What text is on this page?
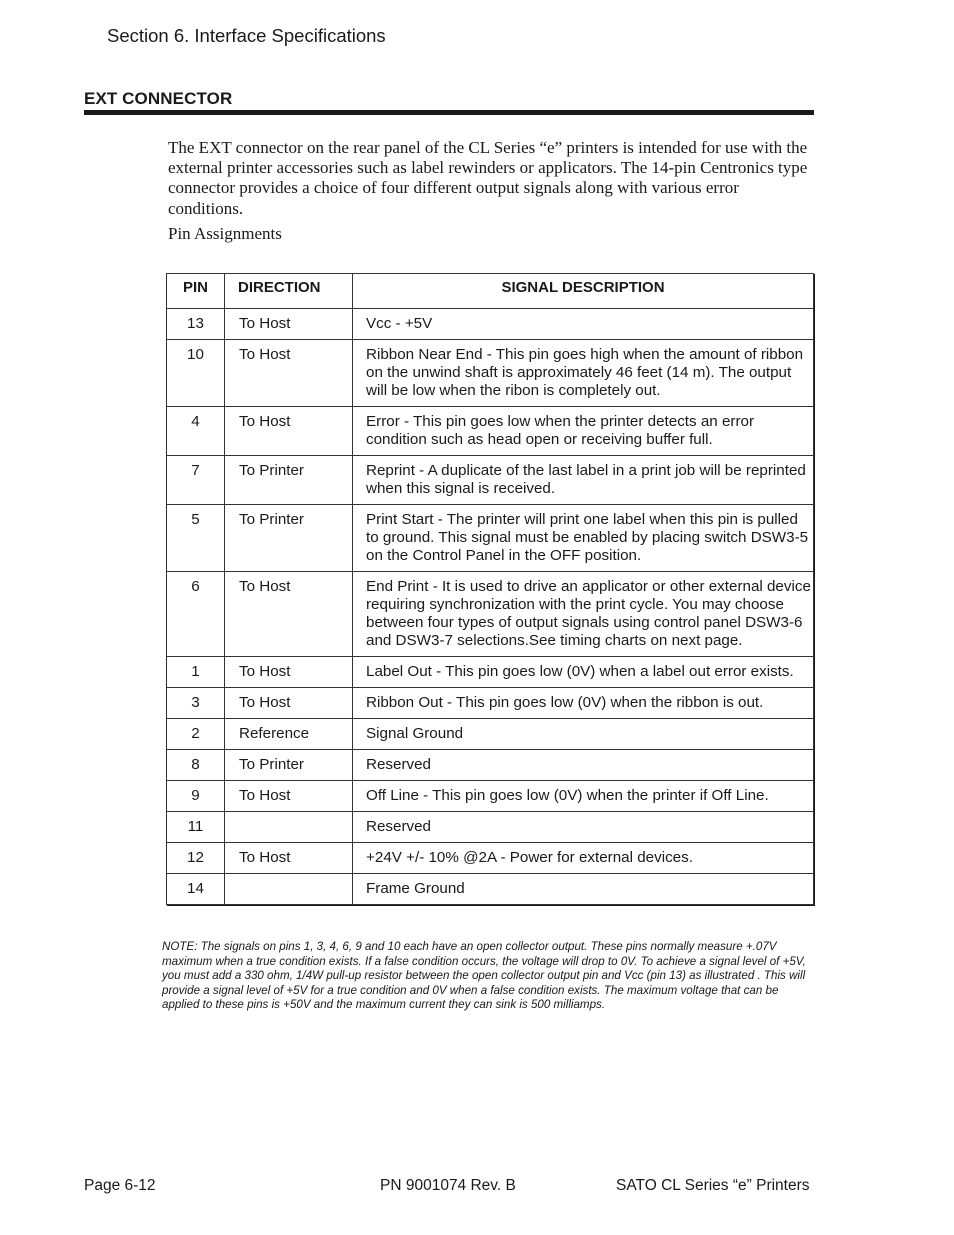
Section 6. Interface Specifications
EXT CONNECTOR

The EXT connector on the rear panel of the CL Series “e” printers is intended for use with the external printer accessories such as label rewinders or applicators. The 14-pin Centronics type connector provides a choice of four different output signals along with various error conditions.

Pin Assignments

PIN	DIRECTION	SIGNAL DESCRIPTION
13	To Host	Vcc - +5V
10	To Host	Ribbon Near End - This pin goes high when the amount of ribbon on the unwind shaft is approximately 46 feet (14 m). The output will be low when the ribon is completely out.
4	To Host	Error - This pin goes low when the printer detects an error condition such as head open or receiving buffer full.
7	To Printer	Reprint - A duplicate of the last label in a print job will be reprinted when this signal is received.
5	To Printer	Print Start - The printer will print one label when this pin is pulled to ground. This signal must be enabled by placing switch DSW3-5 on the Control Panel in the OFF position.
6	To Host	End Print - It is used to drive an applicator or other external device requiring synchronization with the print cycle. You may choose between four types of output signals using control panel DSW3-6 and DSW3-7 selections.See timing charts on next page.
1	To Host	Label Out - This pin goes low (0V) when a label out error exists.
3	To Host	Ribbon Out - This pin goes low (0V) when the ribbon is out.
2	Reference	Signal Ground
8	To Printer	Reserved
9	To Host	Off Line - This pin goes low (0V) when the printer if Off Line.
11		Reserved
12	To Host	+24V +/- 10% @2A - Power for external devices.
14		Frame Ground

NOTE: The signals on pins 1, 3, 4, 6, 9 and 10 each have an open collector output. These pins normally measure +.07V maximum when a true condition exists. If a false condition occurs, the voltage will drop to 0V. To achieve a signal level of +5V, you must add a 330 ohm, 1/4W pull-up resistor between the open collector output pin and Vcc (pin 13) as illustrated . This will provide a signal level of +5V for a true condition and 0V when a false condition exists. The maximum voltage that can be applied to these pins is +50V and the maximum current they can sink is 500 milliamps.

Page 6-12	PN 9001074 Rev. B	SATO CL Series “e” Printers
